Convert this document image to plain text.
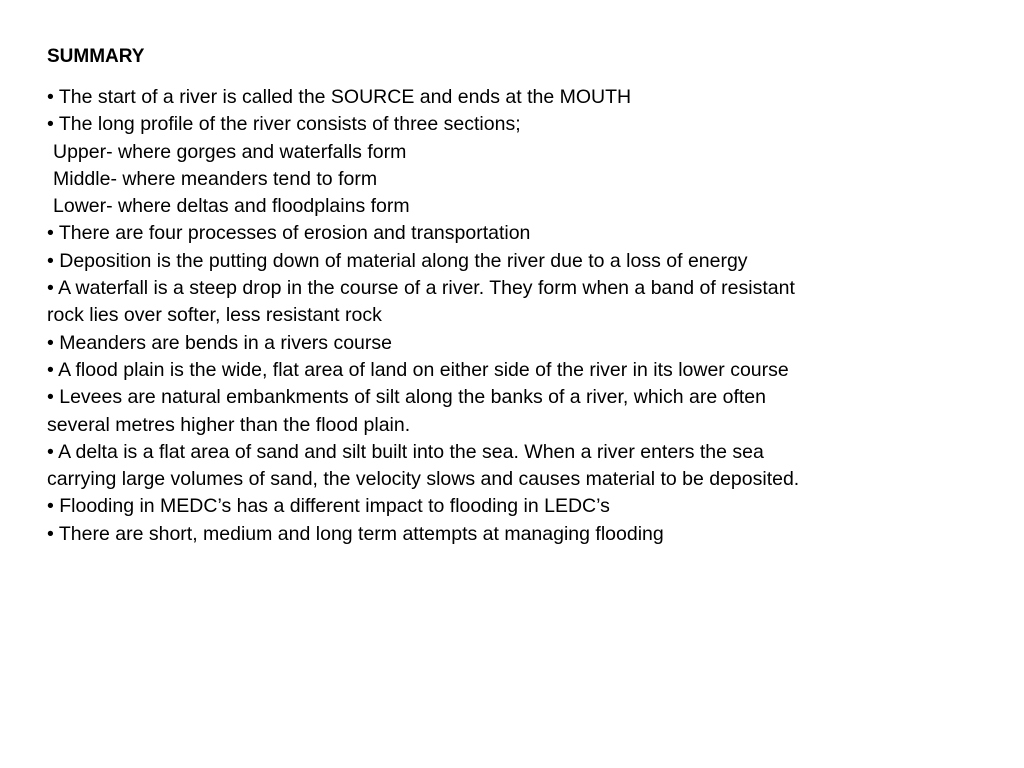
SUMMARY
• The start of a river is called the SOURCE and ends at the MOUTH
• The long profile of the river consists of three sections;
Upper- where gorges and waterfalls form
Middle- where meanders tend to form
Lower- where deltas and floodplains form
• There are four processes of erosion and transportation
• Deposition is the putting down of material along the river due to a loss of energy
• A waterfall is a steep drop in the course of a river. They form when a band of resistant
rock lies over softer, less resistant rock
• Meanders are bends in a rivers course
• A flood plain is the wide, flat area of land on either side of the river in its lower course
• Levees are natural embankments of silt along the banks of a river, which are often
several metres higher than the flood plain.
• A delta is a flat area of sand and silt built into the sea. When a river enters the sea
carrying large volumes of sand, the velocity slows and causes material to be deposited.
• Flooding in MEDC’s has a different impact to flooding in LEDC’s
• There are short, medium and long term attempts at managing flooding
